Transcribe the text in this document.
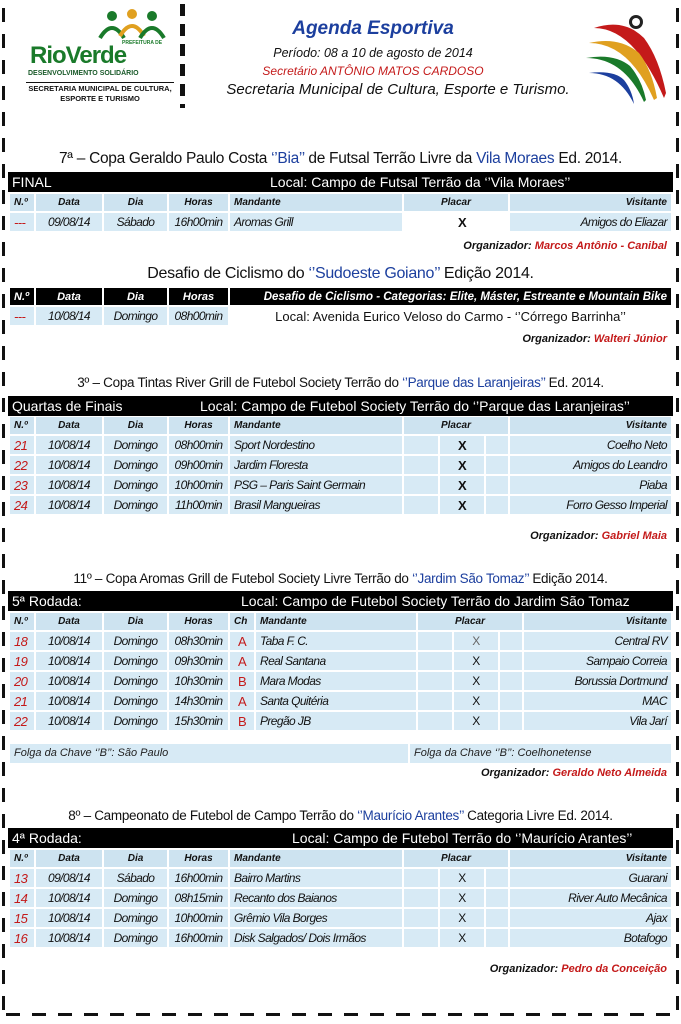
PREFEITURA DE
RioVerde
DESENVOLVIMENTO SOLIDÁRIO
SECRETARIA MUNICIPAL DE CULTURA, ESPORTE E TURISMO
Agenda Esportiva
Período: 08 a 10 de agosto de 2014
Secretário ANTÔNIO MATOS CARDOSO
Secretaria Municipal de Cultura, Esporte e Turismo.
7ª – Copa Geraldo Paulo Costa ‘’Bia’’ de Futsal Terrão Livre da Vila Moraes Ed. 2014.
FINAL	Local: Campo de Futsal Terrão da ‘’Vila Moraes’’
N.º	Data	Dia	Horas	Mandante	Placar			Visitante
---	09/08/14	Sábado	16h00min	Aromas Grill		X		Amigos do Eliazar
Organizador: Marcos Antônio - Canibal
Desafio de Ciclismo do ‘’Sudoeste Goiano’’ Edição 2014.
N.º	Data	Dia	Horas	Desafio de Ciclismo - Categorias: Elite, Máster, Estreante e Mountain Bike
---	10/08/14	Domingo	08h00min	Local: Avenida Eurico Veloso do Carmo - ‘’Córrego Barrinha’’
Organizador: Walteri Júnior
3º – Copa Tintas River Grill de Futebol Society Terrão do ‘’Parque das Laranjeiras’’ Ed. 2014.
Quartas de Finais	Local: Campo de Futebol Society Terrão do ‘’Parque das Laranjeiras’’
N.º	Data	Dia	Horas	Mandante	Placar			Visitante
21	10/08/14	Domingo	08h00min	Sport Nordestino		X		Coelho Neto
22	10/08/14	Domingo	09h00min	Jardim Floresta		X		Amigos do Leandro
23	10/08/14	Domingo	10h00min	PSG – Paris Saint Germain		X		Piaba
24	10/08/14	Domingo	11h00min	Brasil Mangueiras		X		Forro Gesso Imperial
Organizador: Gabriel Maia
11º – Copa Aromas Grill de Futebol Society Livre Terrão do ‘’Jardim São Tomaz’’ Edição 2014.
5ª Rodada:	Local: Campo de Futebol Society Terrão do Jardim São Tomaz
N.º	Data	Dia	Horas	Ch	Mandante	Placar			Visitante
18	10/08/14	Domingo	08h30min	A	Taba F. C.		X		Central RV
19	10/08/14	Domingo	09h30min	A	Real Santana		X		Sampaio Correia
20	10/08/14	Domingo	10h30min	B	Mara Modas		X		Borussia Dortmund
21	10/08/14	Domingo	14h30min	A	Santa Quitéria		X		MAC
22	10/08/14	Domingo	15h30min	B	Pregão JB		X		Vila Jarí
Folga da Chave ‘’B’’: São Paulo	Folga da Chave ‘’B’’: Coelhonetense
Organizador: Geraldo Neto Almeida
8º – Campeonato de Futebol de Campo Terrão do ‘’Maurício Arantes’’ Categoria Livre Ed. 2014.
4ª Rodada:	Local: Campo de Futebol Terrão do ‘’Maurício Arantes’’
N.º	Data	Dia	Horas	Mandante	Placar			Visitante
13	09/08/14	Sábado	16h00min	Bairro Martins		X		Guarani
14	10/08/14	Domingo	08h15min	Recanto dos Baianos		X		River Auto Mecânica
15	10/08/14	Domingo	10h00min	Grêmio Vila Borges		X		Ajax
16	10/08/14	Domingo	16h00min	Disk Salgados/ Dois Irmãos		X		Botafogo
Organizador: Pedro da Conceição
